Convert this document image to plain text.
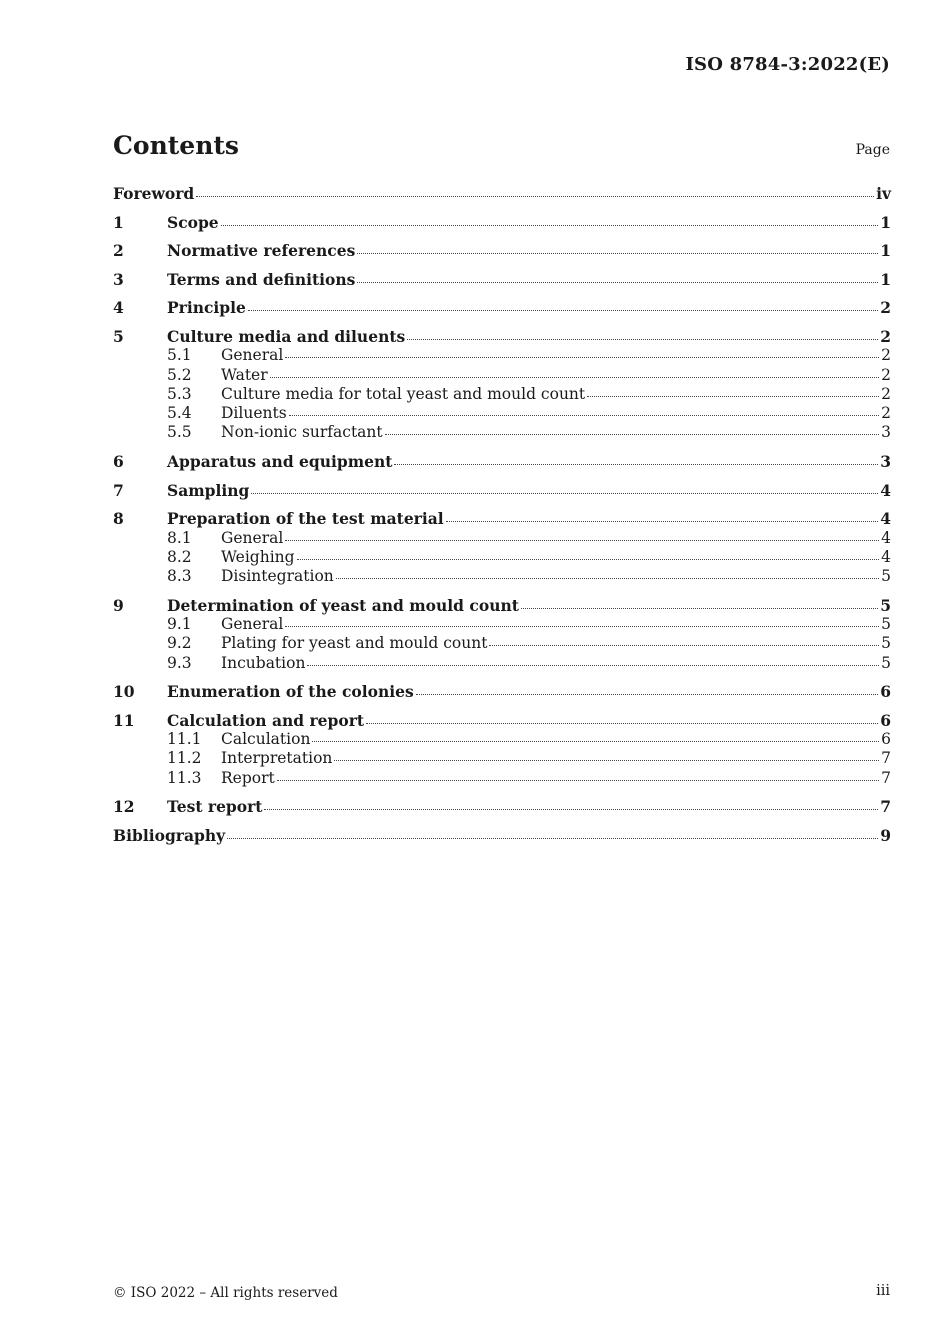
ISO 8784-3:2022(E)
Contents	Page
Foreword	iv
1	Scope	1
2	Normative references	1
3	Terms and definitions	1
4	Principle	2
5	Culture media and diluents	2
5.1	General	2
5.2	Water	2
5.3	Culture media for total yeast and mould count	2
5.4	Diluents	2
5.5	Non-ionic surfactant	3
6	Apparatus and equipment	3
7	Sampling	4
8	Preparation of the test material	4
8.1	General	4
8.2	Weighing	4
8.3	Disintegration	5
9	Determination of yeast and mould count	5
9.1	General	5
9.2	Plating for yeast and mould count	5
9.3	Incubation	5
10	Enumeration of the colonies	6
11	Calculation and report	6
11.1	Calculation	6
11.2	Interpretation	7
11.3	Report	7
12	Test report	7
Bibliography	9
© ISO 2022 – All rights reserved	iii
